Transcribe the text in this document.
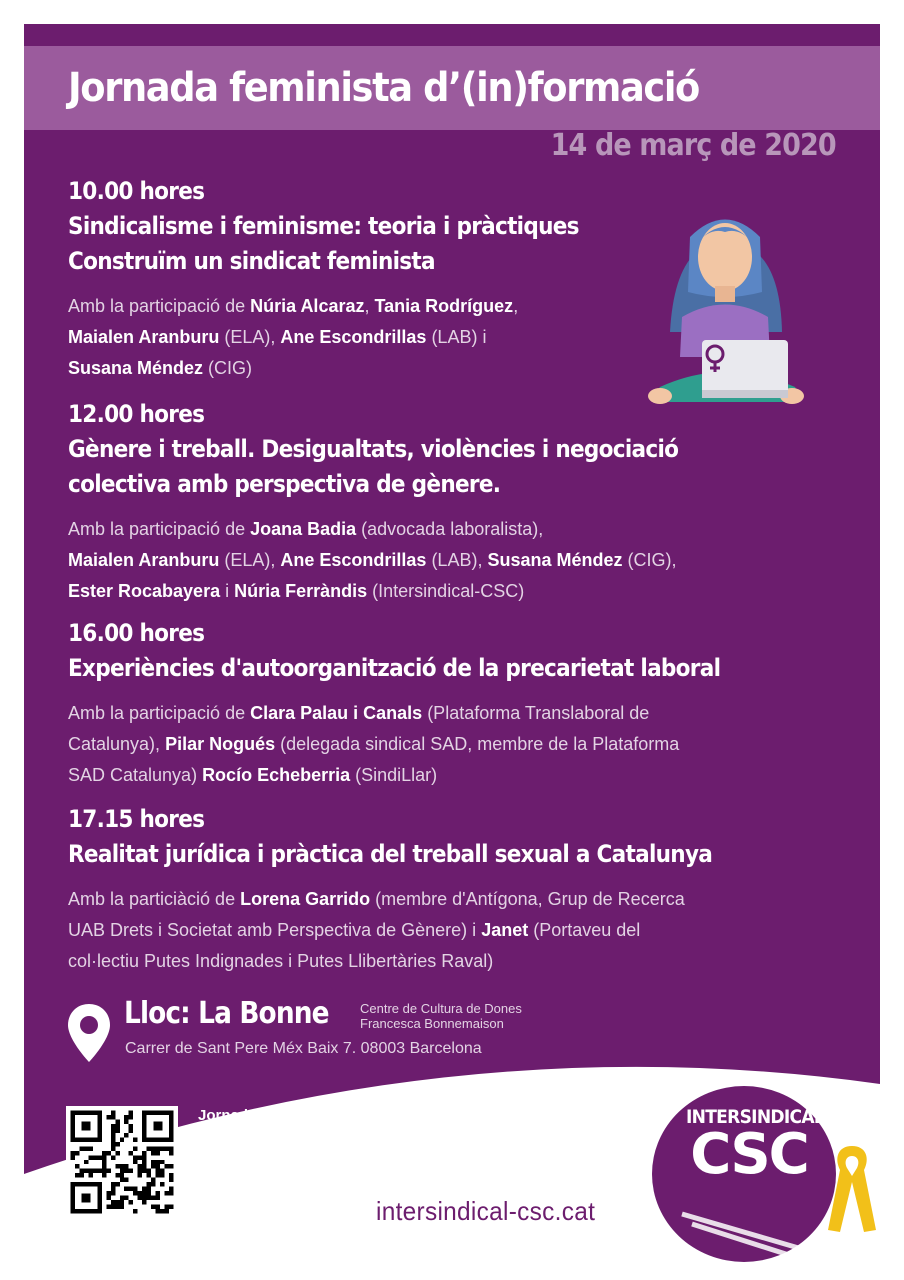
Jornada feminista d’(in)formació
14 de març de 2020
10.00 hores
Sindicalisme i feminisme: teoria i pràctiques
Construïm un sindicat feminista
Amb la participació de Núria Alcaraz, Tania Rodríguez,
Maialen Aranburu (ELA), Ane Escondrillas (LAB) i
Susana Méndez (CIG)
12.00 hores
Gènere i treball. Desigualtats, violències i negociació
colectiva amb perspectiva de gènere.
Amb la participació de Joana Badia (advocada laboralista),
Maialen Aranburu (ELA), Ane Escondrillas (LAB), Susana Méndez (CIG),
Ester Rocabayera i Núria Ferràndis (Intersindical-CSC)
16.00 hores
Experiències d'autoorganització de la precarietat laboral
Amb la participació de Clara Palau i Canals (Plataforma Translaboral de
Catalunya), Pilar Nogués (delegada sindical SAD, membre de la Plataforma
SAD Catalunya) Rocío Echeberria (SindiLlar)
17.15 hores
Realitat jurídica i pràctica del treball sexual a Catalunya
Amb la particiàció de Lorena Garrido (membre d'Antígona, Grup de Recerca
UAB Drets i Societat amb Perspectiva de Gènere) i Janet (Portaveu del
col·lectiu Putes Indignades i Putes Llibertàries Raval)
Lloc: La Bonne Centre de Cultura de Dones
Francesca Bonnemaison
Carrer de Sant Pere Méx Baix 7. 08003 Barcelona
Jornada oberta a persones
no afiliades. Inscripcions:
http://scur.cat/FN3GE5
intersindical-csc.cat
INTERSINDICAL
CSC
